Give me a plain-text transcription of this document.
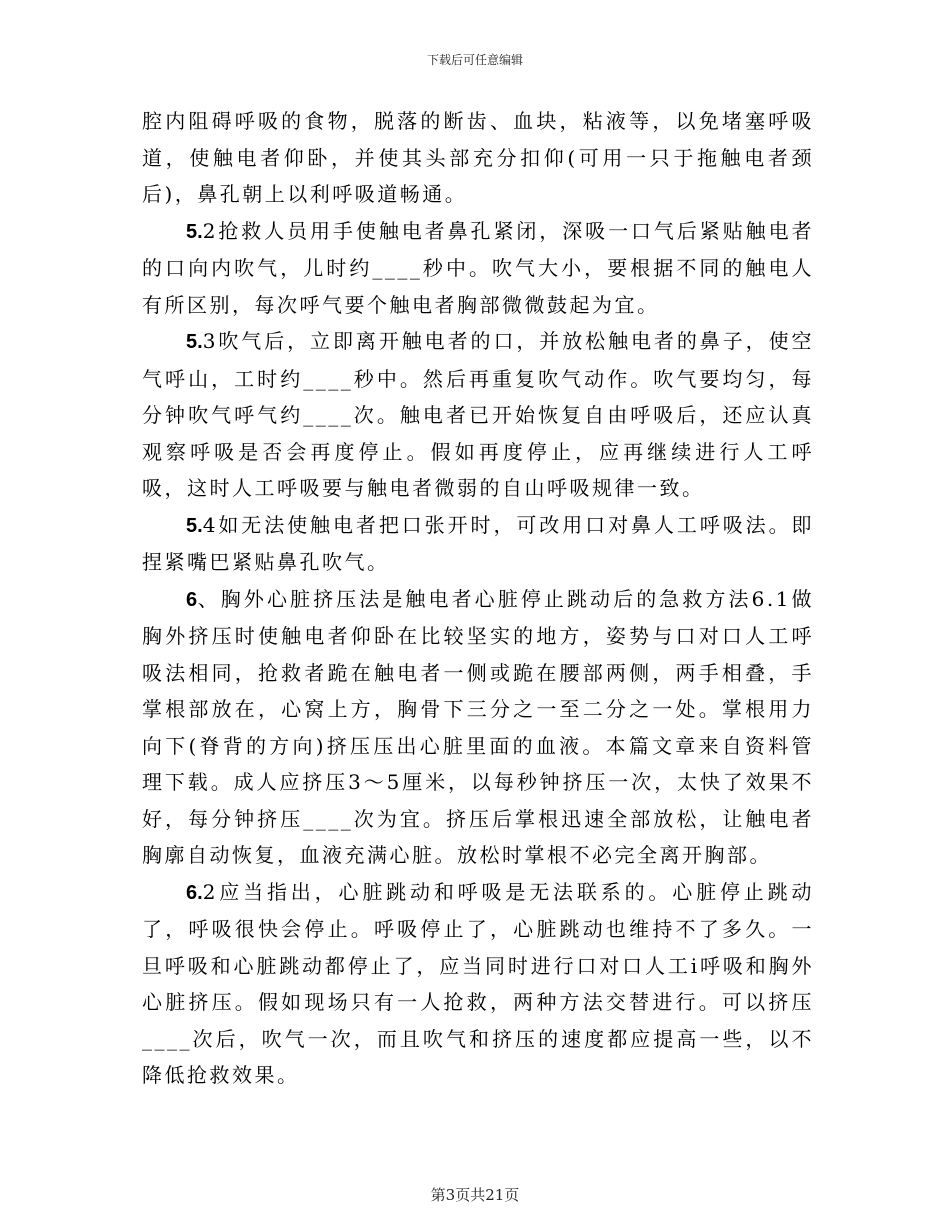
下载后可任意编辑

腔内阻碍呼吸的食物，脱落的断齿、血块，粘液等，以免堵塞呼吸道，使触电者仰卧，并使其头部充分扣仰(可用一只于拖触电者颈后)，鼻孔朝上以利呼吸道畅通。

5.2抢救人员用手使触电者鼻孔紧闭，深吸一口气后紧贴触电者的口向内吹气，儿时约____秒中。吹气大小，要根据不同的触电人有所区别，每次呼气要个触电者胸部微微鼓起为宜。

5.3吹气后，立即离开触电者的口，并放松触电者的鼻子，使空气呼山，工时约____秒中。然后再重复吹气动作。吹气要均匀，每分钟吹气呼气约____次。触电者已开始恢复自由呼吸后，还应认真观察呼吸是否会再度停止。假如再度停止，应再继续进行人工呼吸，这时人工呼吸要与触电者微弱的自山呼吸规律一致。

5.4如无法使触电者把口张开时，可改用口对鼻人工呼吸法。即捏紧嘴巴紧贴鼻孔吹气。

6、胸外心脏挤压法是触电者心脏停止跳动后的急救方法6.1做胸外挤压时使触电者仰卧在比较坚实的地方，姿势与口对口人工呼吸法相同，抢救者跪在触电者一侧或跪在腰部两侧，两手相叠，手掌根部放在，心窝上方，胸骨下三分之一至二分之一处。掌根用力向下(脊背的方向)挤压压出心脏里面的血液。本篇文章来自资料管理下载。成人应挤压3～5厘米，以每秒钟挤压一次，太快了效果不好，每分钟挤压____次为宜。挤压后掌根迅速全部放松，让触电者胸廓自动恢复，血液充满心脏。放松时掌根不必完全离开胸部。

6.2应当指出，心脏跳动和呼吸是无法联系的。心脏停止跳动了，呼吸很快会停止。呼吸停止了，心脏跳动也维持不了多久。一旦呼吸和心脏跳动都停止了，应当同时进行口对口人工i呼吸和胸外心脏挤压。假如现场只有一人抢救，两种方法交替进行。可以挤压____次后，吹气一次，而且吹气和挤压的速度都应提高一些，以不降低抢救效果。

第3页共21页
